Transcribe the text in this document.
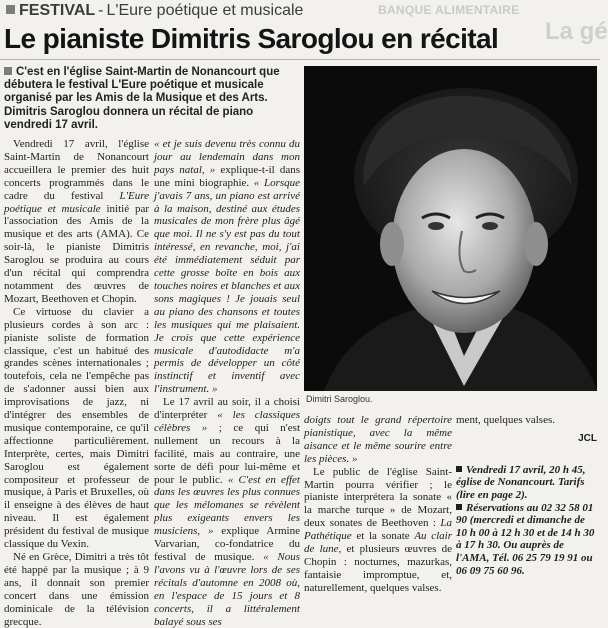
FESTIVAL - L'Eure poétique et musicale	BANQUE ALIMENTAIRE
La gé
Le pianiste Dimitris Saroglou en récital
C'est en l'église Saint-Martin de Nonancourt que débutera le festival L'Eure poétique et musicale organisé par les Amis de la Musique et des Arts. Dimitris Saroglou donnera un récital de piano vendredi 17 avril.
Dimitri Saroglou.

Vendredi 17 avril, l'église Saint-Martin de Nonancourt accueillera le premier des huit concerts programmés dans le cadre du festival L'Eure poétique et musicale initié par l'association des Amis de la musique et des arts (AMA). Ce soir-là, le pianiste Dimitris Saroglou se produira au cours d'un récital qui comprendra notamment des œuvres de Mozart, Beethoven et Chopin.

Ce virtuose du clavier a plusieurs cordes à son arc : pianiste soliste de formation classique, c'est un habitué des grandes scènes internationales ; toutefois, cela ne l'empêche pas de s'adonner aussi bien aux improvisations de jazz, ni d'intégrer des ensembles de musique contemporaine, ce qu'il affectionne particulièrement. Interprète, certes, mais Dimitri Saroglou est également compositeur et professeur de musique, à Paris et Bruxelles, où il enseigne à des élèves de haut niveau. Il est également président du festival de musique classique du Vexin.

Né en Grèce, Dimitri a très tôt été happé par la musique ; à 9 ans, il donnait son premier concert dans une émission dominicale de la télévision grecque.

« et je suis devenu très connu du jour au lendemain dans mon pays natal, » explique-t-il dans une mini biographie. « Lorsque j'avais 7 ans, un piano est arrivé à la maison, destiné aux études musicales de mon frère plus âgé que moi. Il ne s'y est pas du tout intéressé, en revanche, moi, j'ai été immédiatement séduit par cette grosse boîte en bois aux touches noires et blanches et aux sons magiques ! Je jouais seul au piano des chansons et toutes les musiques qui me plaisaient. Je crois que cette expérience musicale d'autodidacte m'a permis de développer un côté instinctif et inventif avec l'instrument. »

Le 17 avril au soir, il a choisi d'interpréter « les classiques célèbres » ; ce qui n'est nullement un recours à la facilité, mais au contraire, une sorte de défi pour lui-même et pour le public. « C'est en effet dans les œuvres les plus connues que les mélomanes se révèlent plus exigeants envers les musiciens, » explique Armine Varvarian, co-fondatrice du festival de musique. « Nous l'avons vu à l'œuvre lors de ses récitals d'automne en 2008 où, en l'espace de 15 jours et 8 concerts, il a littéralement balayé sous ses

doigts tout le grand répertoire pianistique, avec la même aisance et le même sourire entre les pièces. »

Le public de l'église Saint-Martin pourra vérifier ; le pianiste interprétera la sonate « la marche turque » de Mozart, deux sonates de Beethoven : La Pathétique et la sonate Au clair de lune, et plusieurs œuvres de Chopin : nocturnes, mazurkas, fantaisie impromptue, et, naturellement, quelques valses.

ment, quelques valses.

JCL
Vendredi 17 avril, 20 h 45, église de Nonancourt. Tarifs (lire en page 2).
Réservations au 02 32 58 01 90 (mercredi et dimanche de 10 h 00 à 12 h 30 et de 14 h 30 à 17 h 30. Ou auprès de l'AMA, Tél. 06 25 79 19 91 ou 06 09 75 60 96.
